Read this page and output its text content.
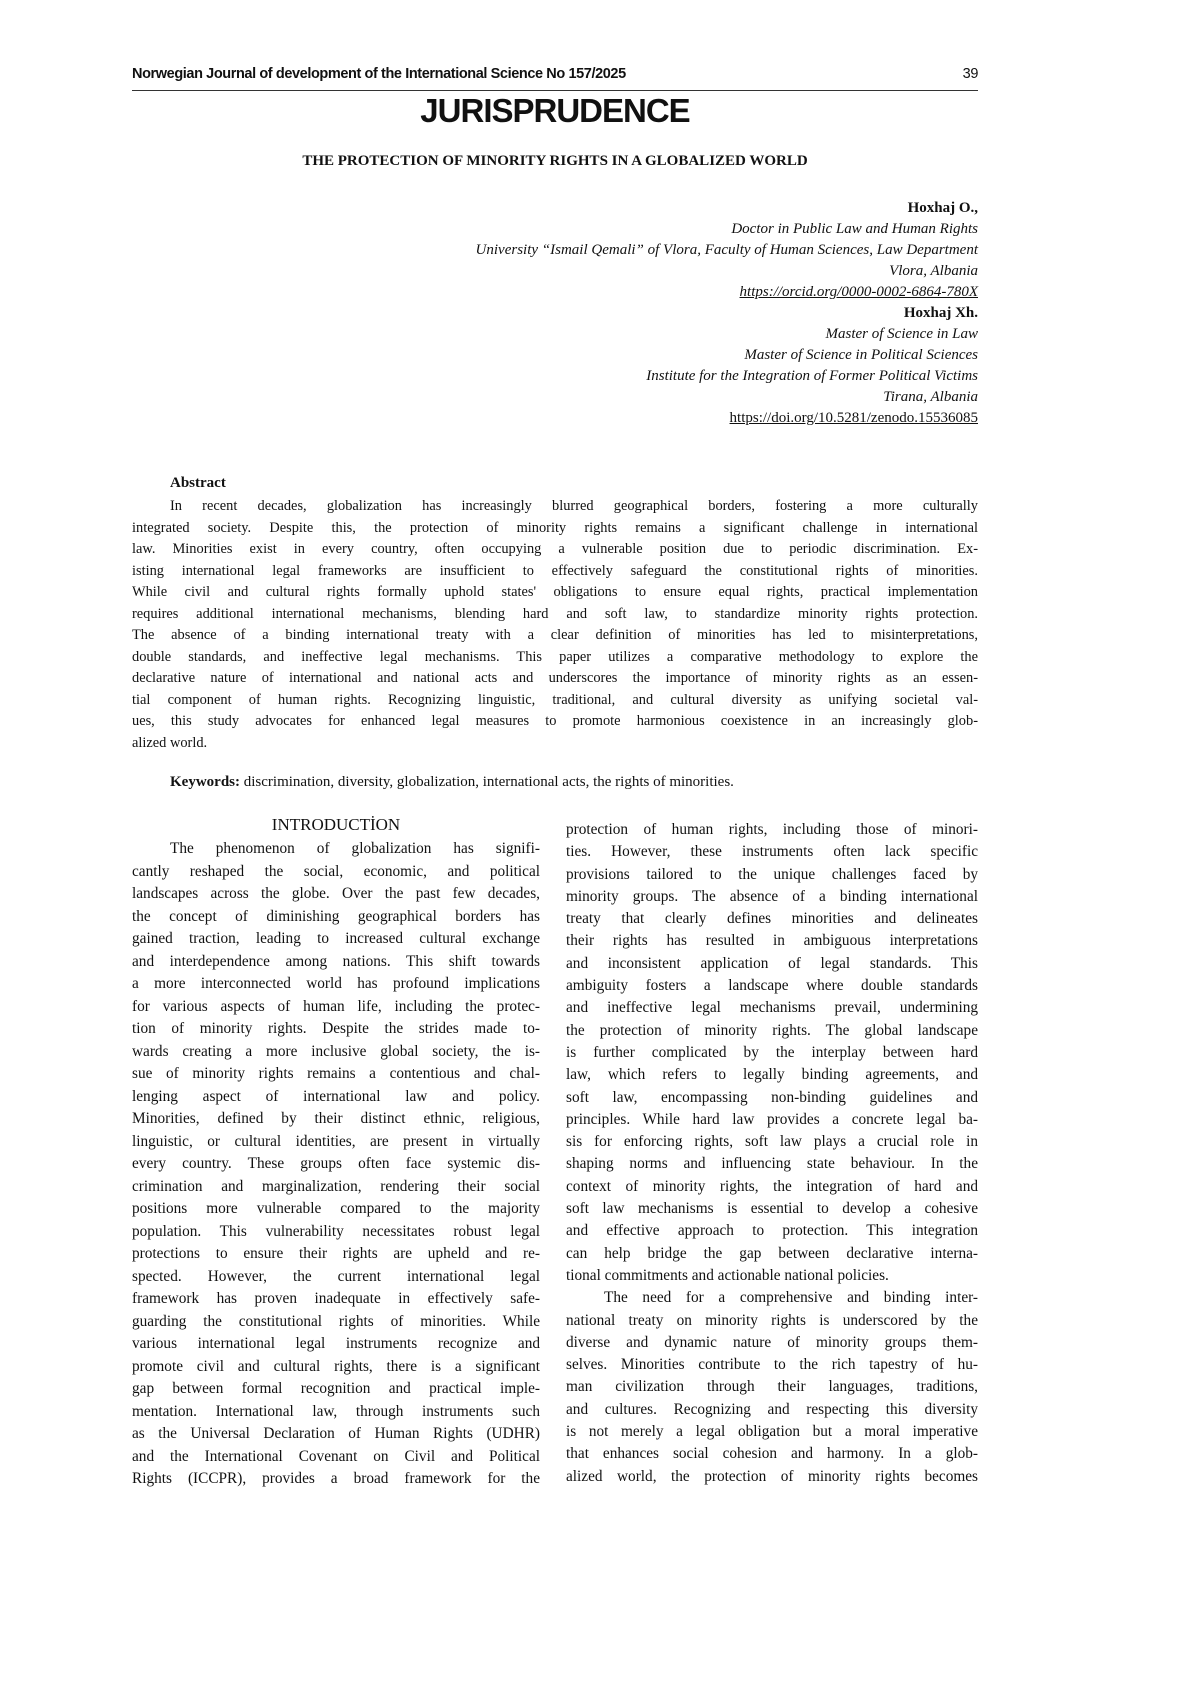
Norwegian Journal of development of the International Science No 157/2025	39
JURISPRUDENCE
THE PROTECTION OF MINORITY RIGHTS IN A GLOBALIZED WORLD
Hoxhaj O.,
Doctor in Public Law and Human Rights
University “Ismail Qemali” of Vlora, Faculty of Human Sciences, Law Department
Vlora, Albania
https://orcid.org/0000-0002-6864-780X
Hoxhaj Xh.
Master of Science in Law
Master of Science in Political Sciences
Institute for the Integration of Former Political Victims
Tirana, Albania
https://doi.org/10.5281/zenodo.15536085
Abstract
In recent decades, globalization has increasingly blurred geographical borders, fostering a more culturally
integrated society. Despite this, the protection of minority rights remains a significant challenge in international
law. Minorities exist in every country, often occupying a vulnerable position due to periodic discrimination. Ex-
isting international legal frameworks are insufficient to effectively safeguard the constitutional rights of minorities.
While civil and cultural rights formally uphold states' obligations to ensure equal rights, practical implementation
requires additional international mechanisms, blending hard and soft law, to standardize minority rights protection.
The absence of a binding international treaty with a clear definition of minorities has led to misinterpretations,
double standards, and ineffective legal mechanisms. This paper utilizes a comparative methodology to explore the
declarative nature of international and national acts and underscores the importance of minority rights as an essen-
tial component of human rights. Recognizing linguistic, traditional, and cultural diversity as unifying societal val-
ues, this study advocates for enhanced legal measures to promote harmonious coexistence in an increasingly glob-
alized world.
Keywords: discrimination, diversity, globalization, international acts, the rights of minorities.
INTRODUCTİON
The phenomenon of globalization has signifi-
cantly reshaped the social, economic, and political
landscapes across the globe. Over the past few decades,
the concept of diminishing geographical borders has
gained traction, leading to increased cultural exchange
and interdependence among nations. This shift towards
a more interconnected world has profound implications
for various aspects of human life, including the protec-
tion of minority rights. Despite the strides made to-
wards creating a more inclusive global society, the is-
sue of minority rights remains a contentious and chal-
lenging aspect of international law and policy.
Minorities, defined by their distinct ethnic, religious,
linguistic, or cultural identities, are present in virtually
every country. These groups often face systemic dis-
crimination and marginalization, rendering their social
positions more vulnerable compared to the majority
population. This vulnerability necessitates robust legal
protections to ensure their rights are upheld and re-
spected. However, the current international legal
framework has proven inadequate in effectively safe-
guarding the constitutional rights of minorities. While
various international legal instruments recognize and
promote civil and cultural rights, there is a significant
gap between formal recognition and practical imple-
mentation. International law, through instruments such
as the Universal Declaration of Human Rights (UDHR)
and the International Covenant on Civil and Political
Rights (ICCPR), provides a broad framework for the
protection of human rights, including those of minori-
ties. However, these instruments often lack specific
provisions tailored to the unique challenges faced by
minority groups. The absence of a binding international
treaty that clearly defines minorities and delineates
their rights has resulted in ambiguous interpretations
and inconsistent application of legal standards. This
ambiguity fosters a landscape where double standards
and ineffective legal mechanisms prevail, undermining
the protection of minority rights. The global landscape
is further complicated by the interplay between hard
law, which refers to legally binding agreements, and
soft law, encompassing non-binding guidelines and
principles. While hard law provides a concrete legal ba-
sis for enforcing rights, soft law plays a crucial role in
shaping norms and influencing state behaviour. In the
context of minority rights, the integration of hard and
soft law mechanisms is essential to develop a cohesive
and effective approach to protection. This integration
can help bridge the gap between declarative interna-
tional commitments and actionable national policies.
The need for a comprehensive and binding inter-
national treaty on minority rights is underscored by the
diverse and dynamic nature of minority groups them-
selves. Minorities contribute to the rich tapestry of hu-
man civilization through their languages, traditions,
and cultures. Recognizing and respecting this diversity
is not merely a legal obligation but a moral imperative
that enhances social cohesion and harmony. In a glob-
alized world, the protection of minority rights becomes
